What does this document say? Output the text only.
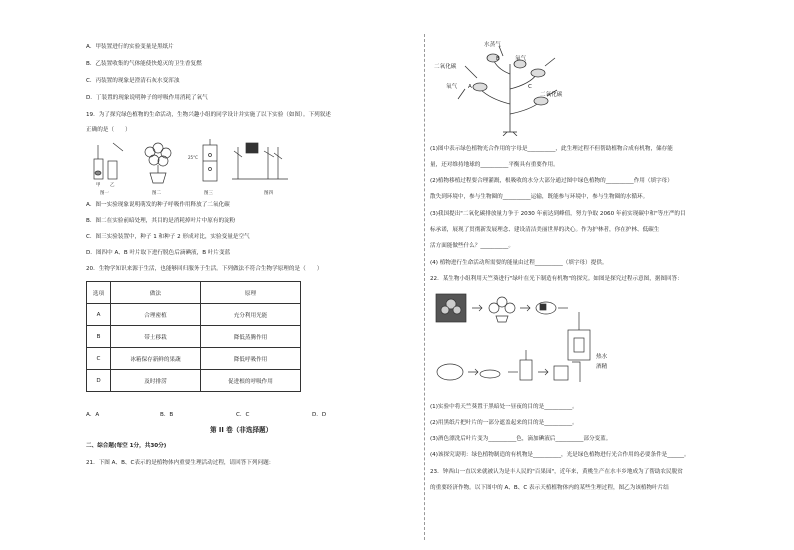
A．甲装置进行的实验变量是黑纸片
B．乙装置收集的气体能使快熄灭的卫生香复燃
C．丙装置的现象是澄清石灰水变浑浊
D．丁装置的现象说明种子的呼吸作用消耗了氧气
19．为了探究绿色植物的生命活动，生物兴趣小组的同学设计并实施了以下实验（如图）。下列叙述
正确的是（　　）
25°C
甲 乙
图一	图二	图三	图四
A．图一实验现象说明萌发的种子呼吸作用释放了二氧化碳
B．图二在实验前暗处理，其目的是消耗掉叶片中原有的淀粉
C．图三实验装置中，种子 1 和种子 2 形成对比，实验变量是空气
D．图四中 A、B 叶片取下进行脱色后滴碘液，B 叶片变蓝
20．生物学知识来源于生活，也能够回归服务于生活。下列做法不符合生物学原理的是（　　）
选项	做法	原理
A	合理密植	充分利用光能
B	带土移栽	降低蒸腾作用
C	冰箱保存新鲜的果蔬	降低呼吸作用
D	及时排涝	促进根的呼吸作用
A．A	B．B	C．C	D．D
第 II 卷（非选择题）
二、综合题(每空 1分，共30分)
21．下图 A、B、C表示的是植物体内重要生理活动过程，请回答下列问题：

水蒸气
二氧化碳
B	氧气
氧气 A	C
二氧化碳
(1)图中表示绿色植物光合作用的字母是__________，此生理过程不但帮助植物合成有机物，储存能
量，还对维持地球的__________平衡具有重要作用。
(2)植物移植过程要合理灌溉，根吸收的水分大部分通过图中绿色植物的__________作用（填字母）
散失到环境中，参与生物圈的__________运输，既能参与环境中，参与生物圈的水循环。
(3)我国提出"二氧化碳排放量力争于 2030 年前达到峰值，努力争取 2060 年前实现碳中和"等庄严的目
标承诺，展现了贯彻新发展理念、建设清洁美丽世界的决心。作为护林者，你在护林、低碳生
活方面能做些什么？__________。
(4) 植物进行生命活动所需要的能量由过程__________（填字母）提供。
22．某生物小组利用天竺葵进行"绿叶在光下制造有机物"的探究。如图是探究过程示意图，据图回答：
热水
酒精
(1)实验中将天竺葵置于黑暗处一昼夜的目的是__________。
(2)用黑纸片把叶片的一部分遮盖起来的目的是__________。
(3)酒色漂洗后叶片变为__________色，滴加碘液后__________部分变蓝。
(4)该探究说明：绿色植物制造的有机物是__________，光是绿色植物进行光合作用的必要条件是______。
23．钟西山一直以来就被认为是丰人民的"百果园"，近年来，黄桃生产在水丰乡地成为了帮助农民脱贫
的重要经济作物。以下图中的 A、B、C 表示天植植物体内的某些生理过程，图乙为该植物叶片结
